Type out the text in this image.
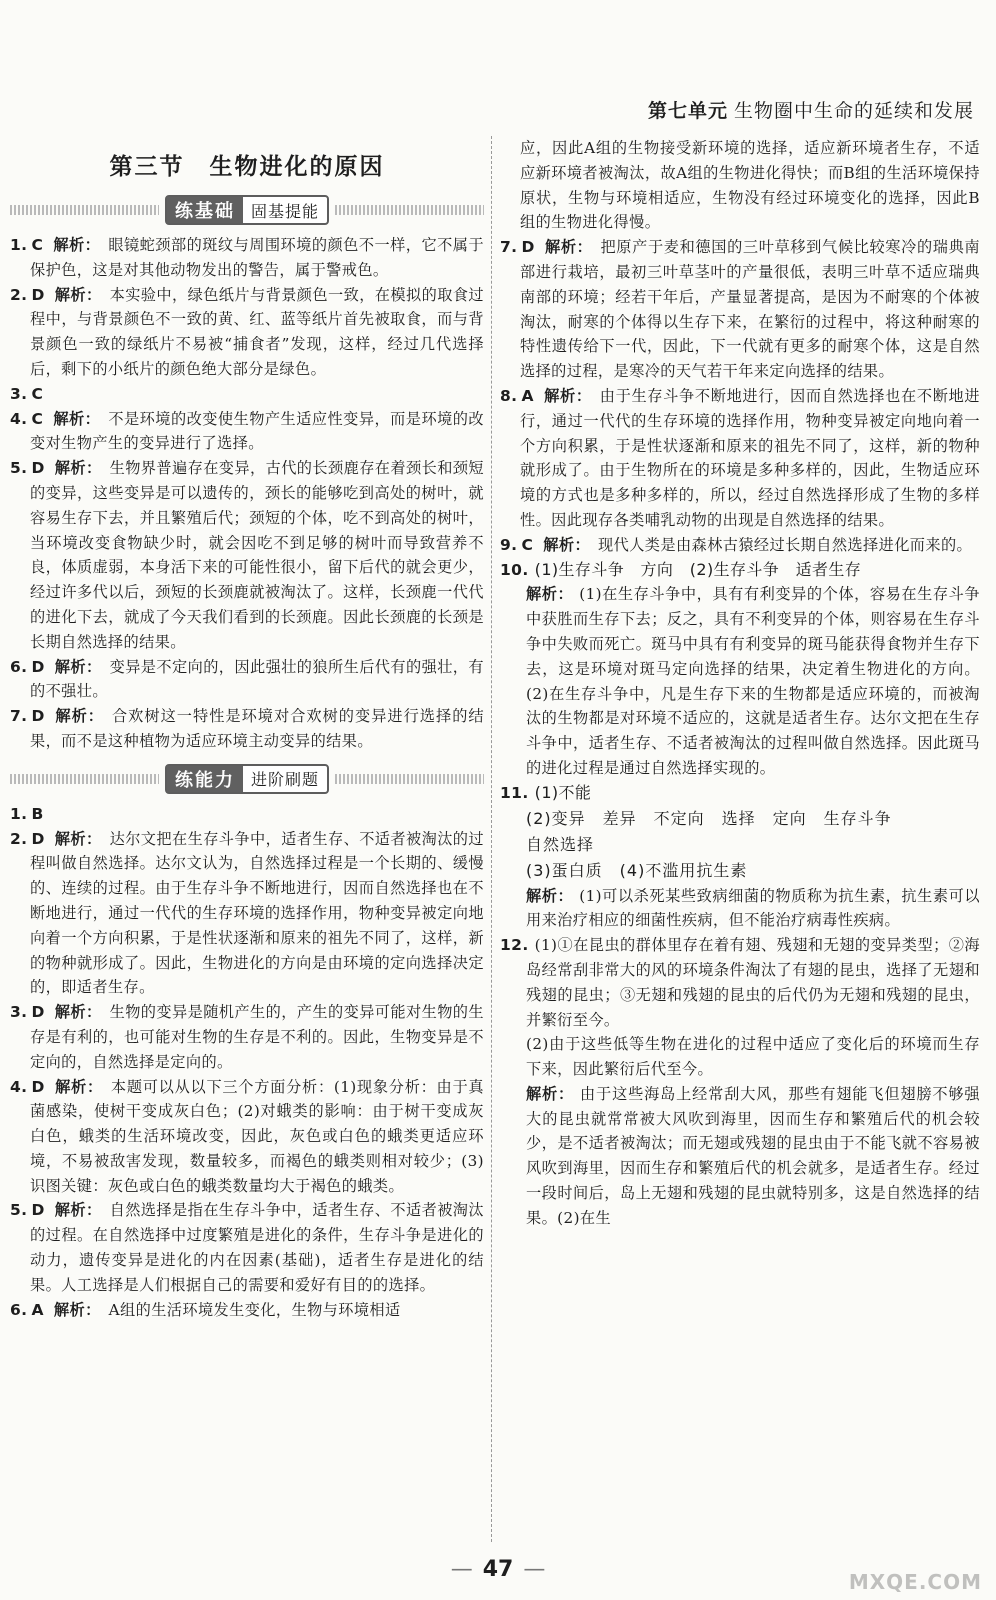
第七单元 生物圈中生命的延续和发展
第三节　生物进化的原因
练基础	固基提能

1. C 解析： 眼镜蛇颈部的斑纹与周围环境的颜色不一样，它不属于保护色，这是对其他动物发出的警告，属于警戒色。

2. D 解析： 本实验中，绿色纸片与背景颜色一致，在模拟的取食过程中，与背景颜色不一致的黄、红、蓝等纸片首先被取食，而与背景颜色一致的绿纸片不易被“捕食者”发现，这样，经过几代选择后，剩下的小纸片的颜色绝大部分是绿色。

3. C

4. C 解析： 不是环境的改变使生物产生适应性变异，而是环境的改变对生物产生的变异进行了选择。

5. D 解析： 生物界普遍存在变异，古代的长颈鹿存在着颈长和颈短的变异，这些变异是可以遗传的，颈长的能够吃到高处的树叶，就容易生存下去，并且繁殖后代；颈短的个体，吃不到高处的树叶，当环境改变食物缺少时，就会因吃不到足够的树叶而导致营养不良，体质虚弱，本身活下来的可能性很小，留下后代的就会更少，经过许多代以后，颈短的长颈鹿就被淘汰了。这样，长颈鹿一代代的进化下去，就成了今天我们看到的长颈鹿。因此长颈鹿的长颈是长期自然选择的结果。

6. D 解析： 变异是不定向的，因此强壮的狼所生后代有的强壮，有的不强壮。

7. D 解析： 合欢树这一特性是环境对合欢树的变异进行选择的结果，而不是这种植物为适应环境主动变异的结果。

练能力	进阶刷题

1. B

2. D 解析： 达尔文把在生存斗争中，适者生存、不适者被淘汰的过程叫做自然选择。达尔文认为，自然选择过程是一个长期的、缓慢的、连续的过程。由于生存斗争不断地进行，因而自然选择也在不断地进行，通过一代代的生存环境的选择作用，物种变异被定向地向着一个方向积累，于是性状逐渐和原来的祖先不同了，这样，新的物种就形成了。因此，生物进化的方向是由环境的定向选择决定的，即适者生存。

3. D 解析： 生物的变异是随机产生的，产生的变异可能对生物的生存是有利的，也可能对生物的生存是不利的。因此，生物变异是不定向的，自然选择是定向的。

4. D 解析： 本题可以从以下三个方面分析：(1)现象分析：由于真菌感染，使树干变成灰白色；(2)对蛾类的影响：由于树干变成灰白色，蛾类的生活环境改变，因此，灰色或白色的蛾类更适应环境，不易被敌害发现，数量较多，而褐色的蛾类则相对较少；(3)识图关键：灰色或白色的蛾类数量均大于褐色的蛾类。

5. D 解析： 自然选择是指在生存斗争中，适者生存、不适者被淘汰的过程。在自然选择中过度繁殖是进化的条件，生存斗争是进化的动力，遗传变异是进化的内在因素(基础)，适者生存是进化的结果。人工选择是人们根据自己的需要和爱好有目的的选择。

6. A 解析： A组的生活环境发生变化，生物与环境相适

应，因此A组的生物接受新环境的选择，适应新环境者生存，不适应新环境者被淘汰，故A组的生物进化得快；而B组的生活环境保持原状，生物与环境相适应，生物没有经过环境变化的选择，因此B组的生物进化得慢。

7. D 解析： 把原产于麦和德国的三叶草移到气候比较寒冷的瑞典南部进行栽培，最初三叶草茎叶的产量很低，表明三叶草不适应瑞典南部的环境；经若干年后，产量显著提高，是因为不耐寒的个体被淘汰，耐寒的个体得以生存下来，在繁衍的过程中，将这种耐寒的特性遗传给下一代，因此，下一代就有更多的耐寒个体，这是自然选择的过程，是寒冷的天气若干年来定向选择的结果。

8. A 解析： 由于生存斗争不断地进行，因而自然选择也在不断地进行，通过一代代的生存环境的选择作用，物种变异被定向地向着一个方向积累，于是性状逐渐和原来的祖先不同了，这样，新的物种就形成了。由于生物所在的环境是多种多样的，因此，生物适应环境的方式也是多种多样的，所以，经过自然选择形成了生物的多样性。因此现存各类哺乳动物的出现是自然选择的结果。

9. C 解析： 现代人类是由森林古猿经过长期自然选择进化而来的。

10. (1)生存斗争　方向　(2)生存斗争　适者生存

解析： (1)在生存斗争中，具有有利变异的个体，容易在生存斗争中获胜而生存下去；反之，具有不利变异的个体，则容易在生存斗争中失败而死亡。斑马中具有有利变异的斑马能获得食物并生存下去，这是环境对斑马定向选择的结果，决定着生物进化的方向。(2)在生存斗争中，凡是生存下来的生物都是适应环境的，而被淘汰的生物都是对环境不适应的，这就是适者生存。达尔文把在生存斗争中，适者生存、不适者被淘汰的过程叫做自然选择。因此斑马的进化过程是通过自然选择实现的。

11. (1)不能

(2)变异　差异　不定向　选择　定向　生存斗争

自然选择

(3)蛋白质　(4)不滥用抗生素

解析： (1)可以杀死某些致病细菌的物质称为抗生素，抗生素可以用来治疗相应的细菌性疾病，但不能治疗病毒性疾病。

12. (1)①在昆虫的群体里存在着有翅、残翅和无翅的变异类型；②海岛经常刮非常大的风的环境条件淘汰了有翅的昆虫，选择了无翅和残翅的昆虫；③无翅和残翅的昆虫的后代仍为无翅和残翅的昆虫，并繁衍至今。

(2)由于这些低等生物在进化的过程中适应了变化后的环境而生存下来，因此繁衍后代至今。

解析： 由于这些海岛上经常刮大风，那些有翅能飞但翅膀不够强大的昆虫就常常被大风吹到海里，因而生存和繁殖后代的机会较少，是不适者被淘汰；而无翅或残翅的昆虫由于不能飞就不容易被风吹到海里，因而生存和繁殖后代的机会就多，是适者生存。经过一段时间后，岛上无翅和残翅的昆虫就特别多，这是自然选择的结果。(2)在生

— 47 —	MXQE.COM
